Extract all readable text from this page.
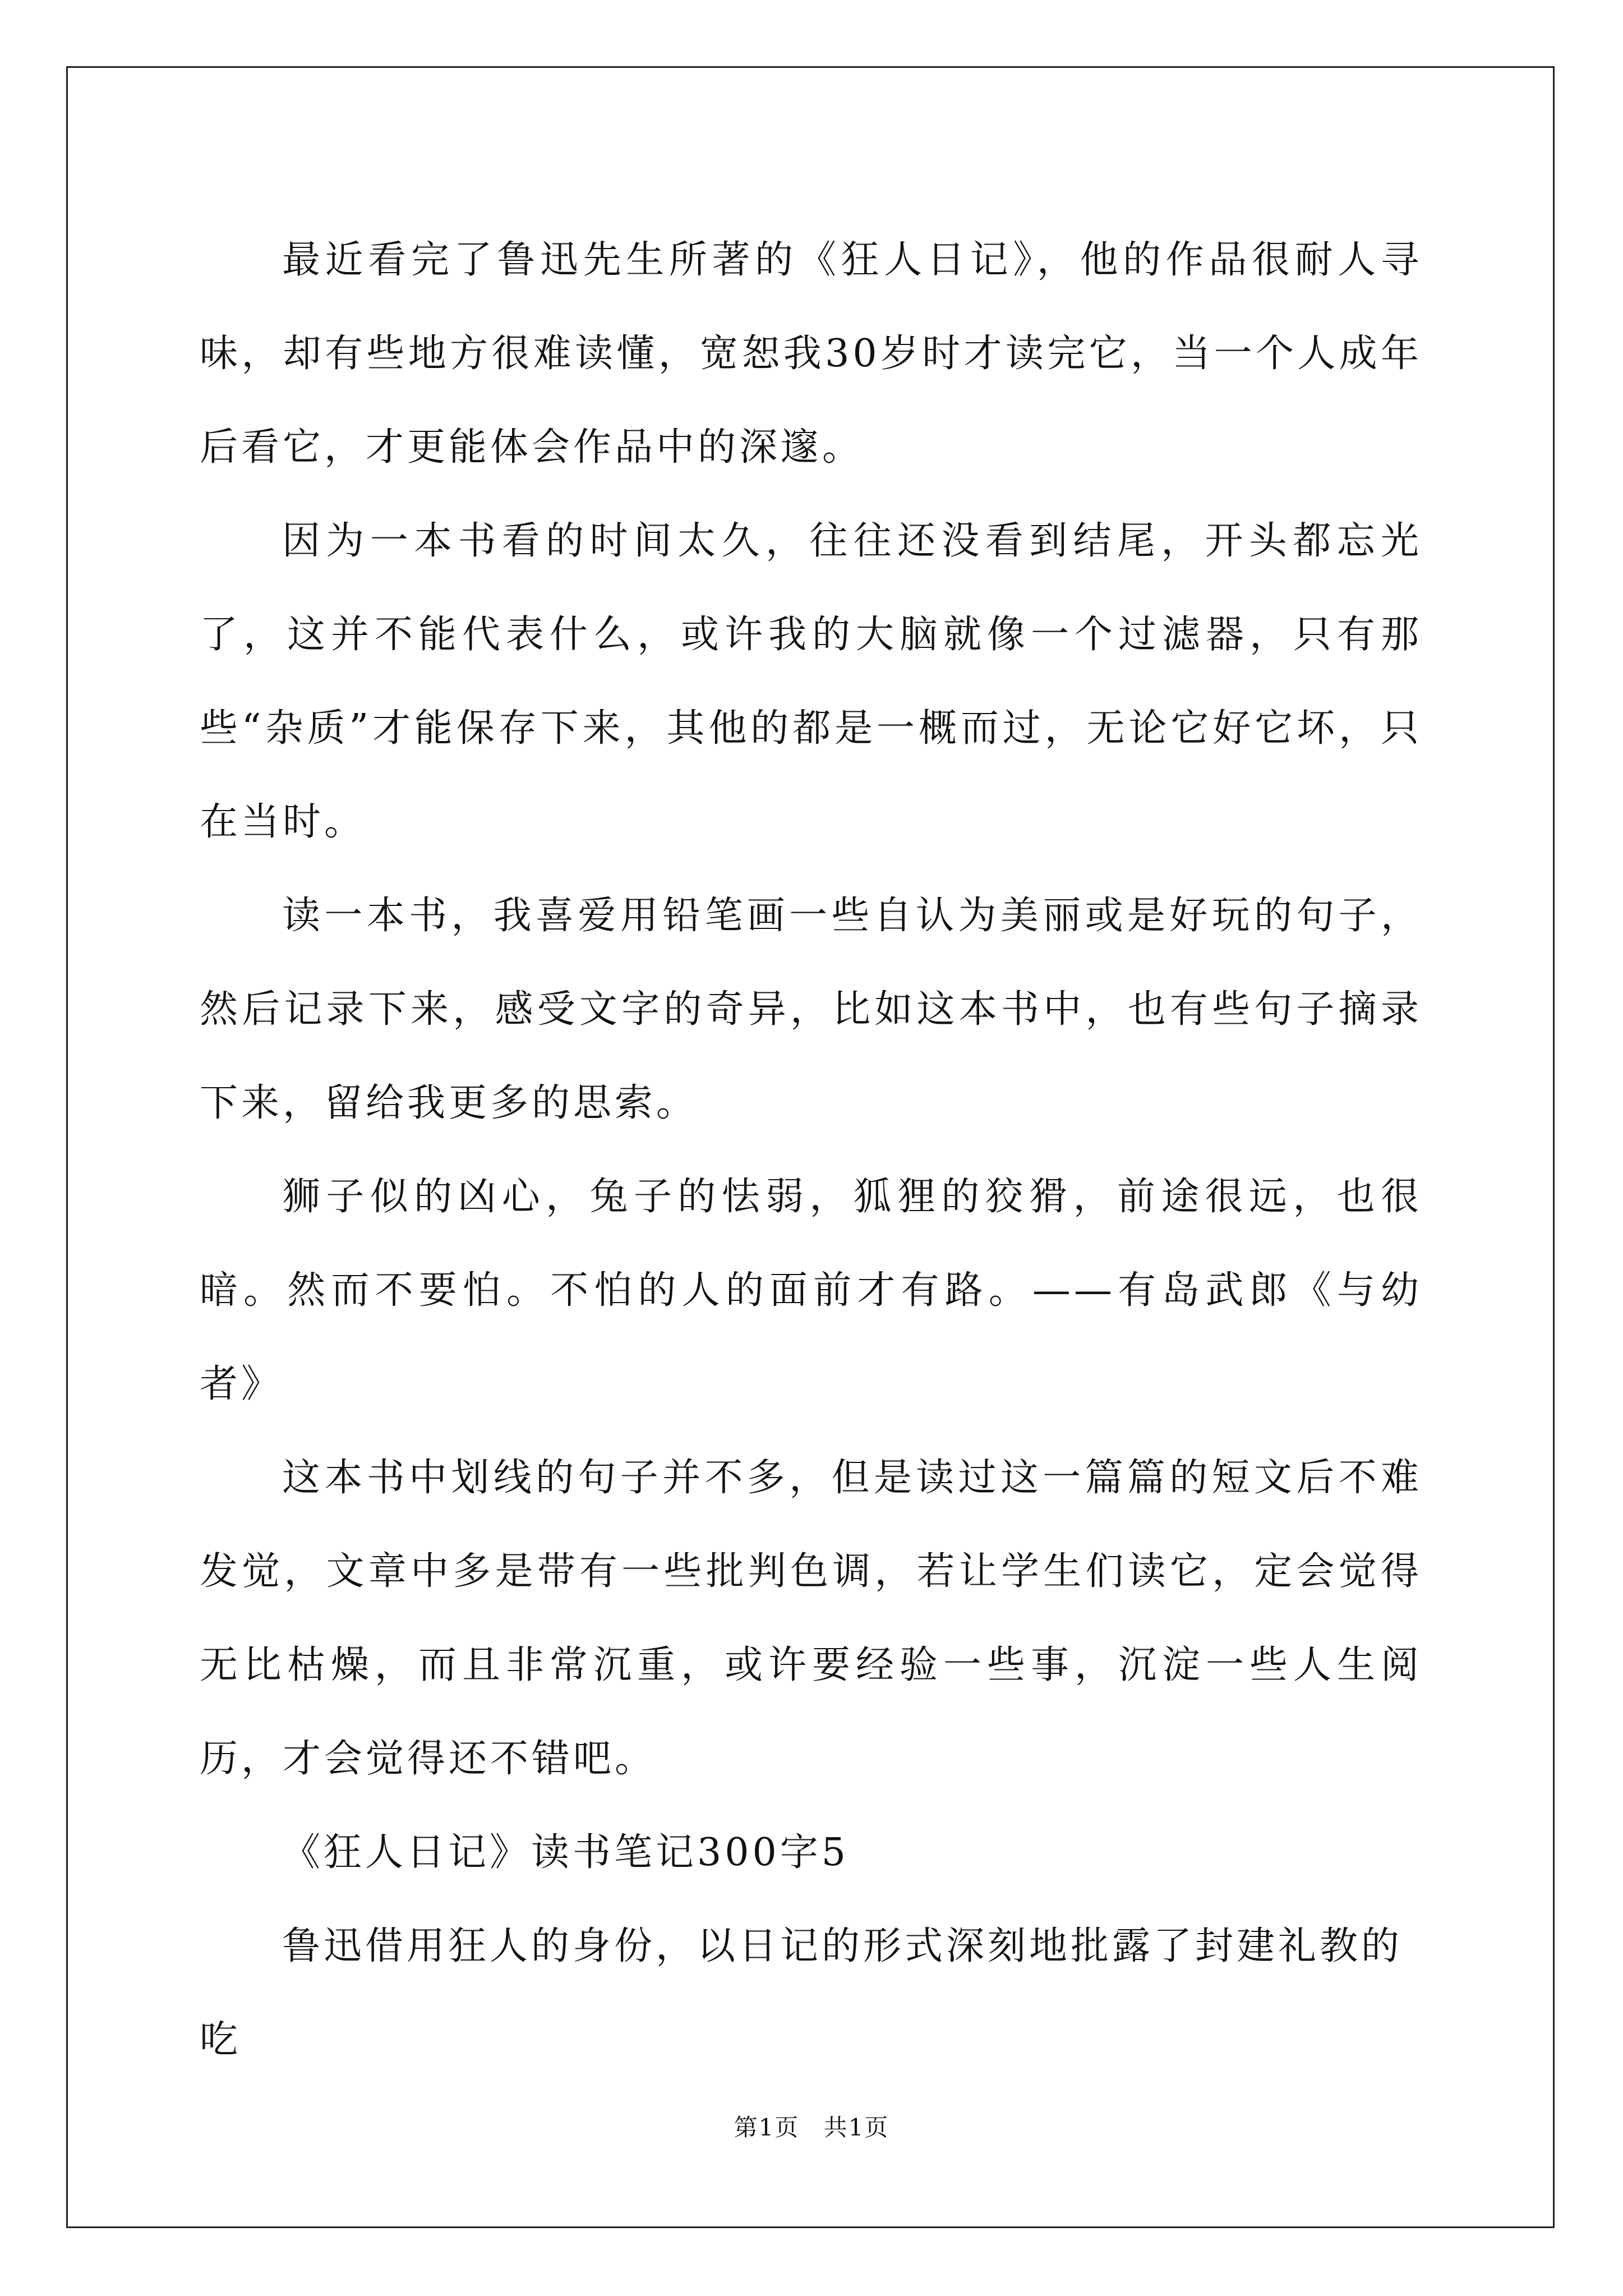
最近看完了鲁迅先生所著的《狂人日记》，他的作品很耐人寻味，却有些地方很难读懂，宽恕我30岁时才读完它，当一个人成年后看它，才更能体会作品中的深邃。

因为一本书看的时间太久，往往还没看到结尾，开头都忘光了，这并不能代表什么，或许我的大脑就像一个过滤器，只有那些“杂质”才能保存下来，其他的都是一概而过，无论它好它坏，只在当时。

读一本书，我喜爱用铅笔画一些自认为美丽或是好玩的句子，然后记录下来，感受文字的奇异，比如这本书中，也有些句子摘录下来，留给我更多的思索。

狮子似的凶心，兔子的怯弱，狐狸的狡猾，前途很远，也很暗。然而不要怕。不怕的人的面前才有路。——有岛武郎《与幼者》

这本书中划线的句子并不多，但是读过这一篇篇的短文后不难发觉，文章中多是带有一些批判色调，若让学生们读它，定会觉得无比枯燥，而且非常沉重，或许要经验一些事，沉淀一些人生阅历，才会觉得还不错吧。

《狂人日记》读书笔记300字5

鲁迅借用狂人的身份，以日记的形式深刻地批露了封建礼教的吃

第1页 共1页
